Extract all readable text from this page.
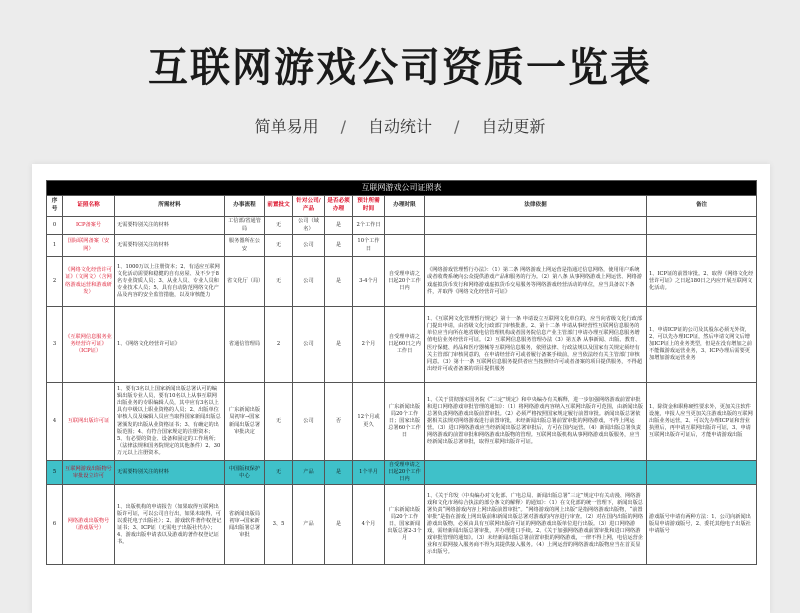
互联网游戏公司资质一览表
简单易用 / 自动统计 / 自动更新
互联网游戏公司证照表										
序号	证照名称	所需材料	办事流程	前置批文	针对公司/产品	是否必须办理	预计所需时间	办理时限	法律依据	备注
0	ICP备案号	无需要特别关注的材料	工信部/省通管局	无	公司（域名）	是	2个工作日			
1	国际联网备案（安网）	无需要特别关注的材料	服务器所在公安	无	公司	是	10个工作日			
2	《网络文化经营许可证》（文网文）（含网络游戏运营和游戏研发）	1、1000万以上注册资本；2、有适应互联网文化活动需要和稳健的自有房屋、及不少于8名专业资质人员；3、从业人员、专业人员和专业技术人员；5、具有自动防范网络文化产品及内容的安全监管措施，以及审核能力	省文化厅（局）	无	公司	是	3-4个月	自受理申请之日起20个工作日内	《网络游戏管理暂行办法》：（1）第二条 网络游戏上网运营是指通过信息网络，使用用户系统或者收费系统向公众提供游戏产品和服务的行为。（2）第八条 从事网络游戏上网运营、网络游戏虚拟货币发行和网络游戏虚拟货币交易服务等网络游戏经营活动的单位，应当具备以下条件，并取得《网络文化经营许可证》	1、ICP证的前置审批。2、取得《网络文化经营许可证》之日起180日之内应开展互联网文化活动。
3	《互联网信息服务业务经营许可证》（ICP证）	1、《网络文化经营许可证》	省通信管理局	2	公司	是	2个月	自受理申请之日起60日之内工作日	1、《互联网文化管理暂行规定》第十一条 申请设立互联网文化单位的，应当向省级文化行政部门提出申请，由省级文化行政部门审核批准。2、第十二条 申请从事经营性互联网信息服务的单位应当向所在地省级电信管理机构或者国务院信息产业主管部门申请办理互联网信息服务增值电信业务经营许可证。（2）互联网信息服务管理办法（3）第五条 从事新闻、出版、教育、医疗保健、药品和医疗器械等互联网信息服务，依照法律、行政法规以及国家有关规定须经有关主管部门审核同意的，在申请经营许可或者履行备案手续前，应当依法经有关主管部门审核同意。（3）第十一条 互联网信息服务提供者应当按照经许可或者备案的项目提供服务，不得超出经许可或者备案的项目提供服务	1、申请ICP证的公司及其股东必须无外资，2、可以先办理ICP证，然后申请文网文后增加ICP证上的业务类型，但是在没有增加之前不能做游戏运营业务，3、ICP办理后需要更加增加游戏运营业务
4	互联网出版许可证	1、要有3名以上国家新闻出版总署认可的编辑出版专业人员，要有10名以上从事互联网出版业务的专职编辑人员，其中应有3名以上具有中级以上职业资格的人员；2、出版单位审核人员及编辑人员应当取得国家新闻出版总署颁发的出版从业资格证书；3、有确定的出版范围；4、有符合国家规定的注册资本；5、有必要的资金、设备和固定的工作场所；（法律法规和国务院规定的其他条件）2、30万元以上注册资本。	广东新闻出版局初审→国家新闻出版总署审批决定	无	公司	否	12个月或更久	广东新闻出版局20个工作日；国家出版总署60个工作日	1、《关于贯彻落实国务院《“三定”规定》和中央编办有关解释，进一步加强网络游戏前置审批和进口网络游戏审批管理的通知》：（1）将网络游戏内容纳入互联网出版许可范围，由新闻出版总署负责网络游戏出版前置审批。（2）必须严格按照国家规定履行前置审批。新闻出版总署依据相关法规对网络游戏进行前置审批，未经新闻出版总署前置审批的网络游戏，不得上网运营。（3）进口网络游戏应当经新闻出版总署审批后，方可在国内运营。（4）新闻出版总署负责网络游戏的前置审批和网络游戏出版物的管理。互联网出版机构从事网络游戏出版服务，应当经新闻出版总署审批，取得互联网出版许可证。	1、除资金和职称硬性要求外，更加关注软件设施，申报人应当更加关注游戏出版的互联网出版业务运营，2、可以先办理ICP证和营业执照后，再申请互联网出版许可证，3、申请互联网出版许可证后，才能申请游戏出版
5	互联网游戏出版物号审批设立许可	无需要特别关注的材料	中国版权保护中心	无	产品	是	1个半月	自受理申请之日起20个工作日内		
6	网络游戏出版物号（游戏版号）	1、出版机构的申请报告（如果取得互联网出版许可证，可以公司自行出，如果未取得，可以委托电子出版社）；2、游戏软件著作权登记证书；3、ICP证（无需电子出版社代办）；4、游戏出版申请表以及游戏的著作权登记证书。	省新闻出版局初审→国家新闻出版署总署审批	3、5	产品	是	4个月	广东新闻出版局20个工作日，国家新闻出版总署2-3个月	1、《关于印发〈中央编办对文化部、广电总局、新闻出版总署“三定”规定中有关动漫、网络游戏和文化市场综合执法的部分条文的解释〉的通知》：（1）在文化部的统一管理下，新闻出版总署负责“网络游戏内容上网出版前置审批”。“网络游戏的网上出版”是指网络游戏出版物，“前置审批”是指在游戏上网出版前和新闻出版总署对游戏的内容进行审查。（2）对在国内出版的网络游戏出版物，必须由具有互联网出版许可证的网络游戏出版单位进行出版。（3）进口网络游戏，需经新闻出版总署审批，并办理进口手续。2、《关于加强网络游戏前置审批和进口网络游戏审批管理的通知》。（3）未经新闻出版总署前置审批的网络游戏，一律不得上网，电信运营企业和互联网接入服务商不得为其提供接入服务。（4）上网运营的网络游戏出版物应当在首页显示出版号。	游戏版号申请有两种方法：1、公司向新闻出版局申请游戏版号，2、委托其他电子出版社申请版号
